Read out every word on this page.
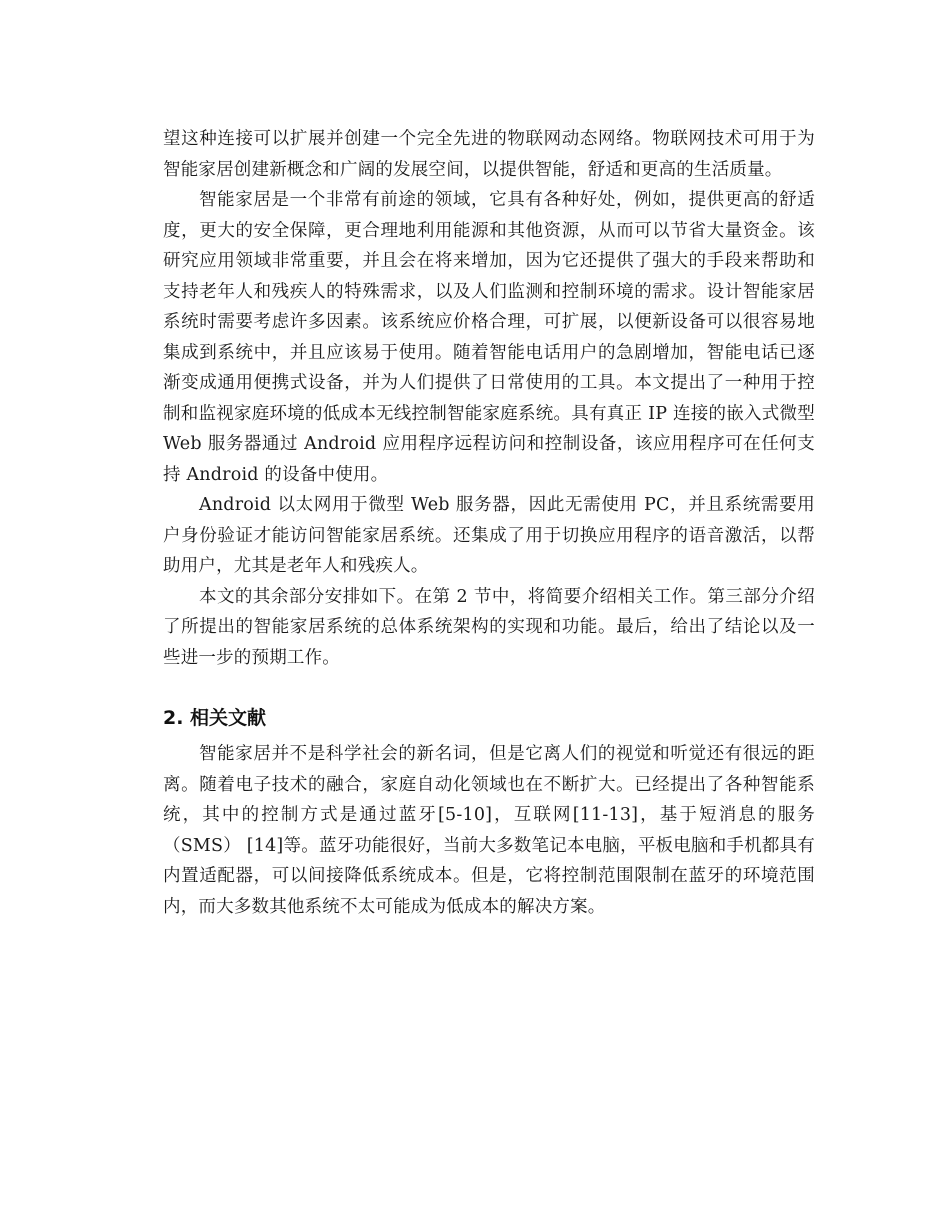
望这种连接可以扩展并创建一个完全先进的物联网动态网络。物联网技术可用于为智能家居创建新概念和广阔的发展空间，以提供智能，舒适和更高的生活质量。

智能家居是一个非常有前途的领域，它具有各种好处，例如，提供更高的舒适度，更大的安全保障，更合理地利用能源和其他资源，从而可以节省大量资金。该研究应用领域非常重要，并且会在将来增加，因为它还提供了强大的手段来帮助和支持老年人和残疾人的特殊需求，以及人们监测和控制环境的需求。设计智能家居系统时需要考虑许多因素。该系统应价格合理，可扩展，以便新设备可以很容易地集成到系统中，并且应该易于使用。随着智能电话用户的急剧增加，智能电话已逐渐变成通用便携式设备，并为人们提供了日常使用的工具。本文提出了一种用于控制和监视家庭环境的低成本无线控制智能家庭系统。具有真正 IP 连接的嵌入式微型 Web 服务器通过 Android 应用程序远程访问和控制设备，该应用程序可在任何支持 Android 的设备中使用。

Android 以太网用于微型 Web 服务器，因此无需使用 PC，并且系统需要用户身份验证才能访问智能家居系统。还集成了用于切换应用程序的语音激活，以帮助用户，尤其是老年人和残疾人。

本文的其余部分安排如下。在第 2 节中，将简要介绍相关工作。第三部分介绍了所提出的智能家居系统的总体系统架构的实现和功能。最后，给出了结论以及一些进一步的预期工作。

2. 相关文献

智能家居并不是科学社会的新名词，但是它离人们的视觉和听觉还有很远的距离。随着电子技术的融合，家庭自动化领域也在不断扩大。已经提出了各种智能系统，其中的控制方式是通过蓝牙[5-10]，互联网[11-13]，基于短消息的服务（SMS） [14]等。蓝牙功能很好，当前大多数笔记本电脑，平板电脑和手机都具有内置适配器，可以间接降低系统成本。但是，它将控制范围限制在蓝牙的环境范围内，而大多数其他系统不太可能成为低成本的解决方案。
